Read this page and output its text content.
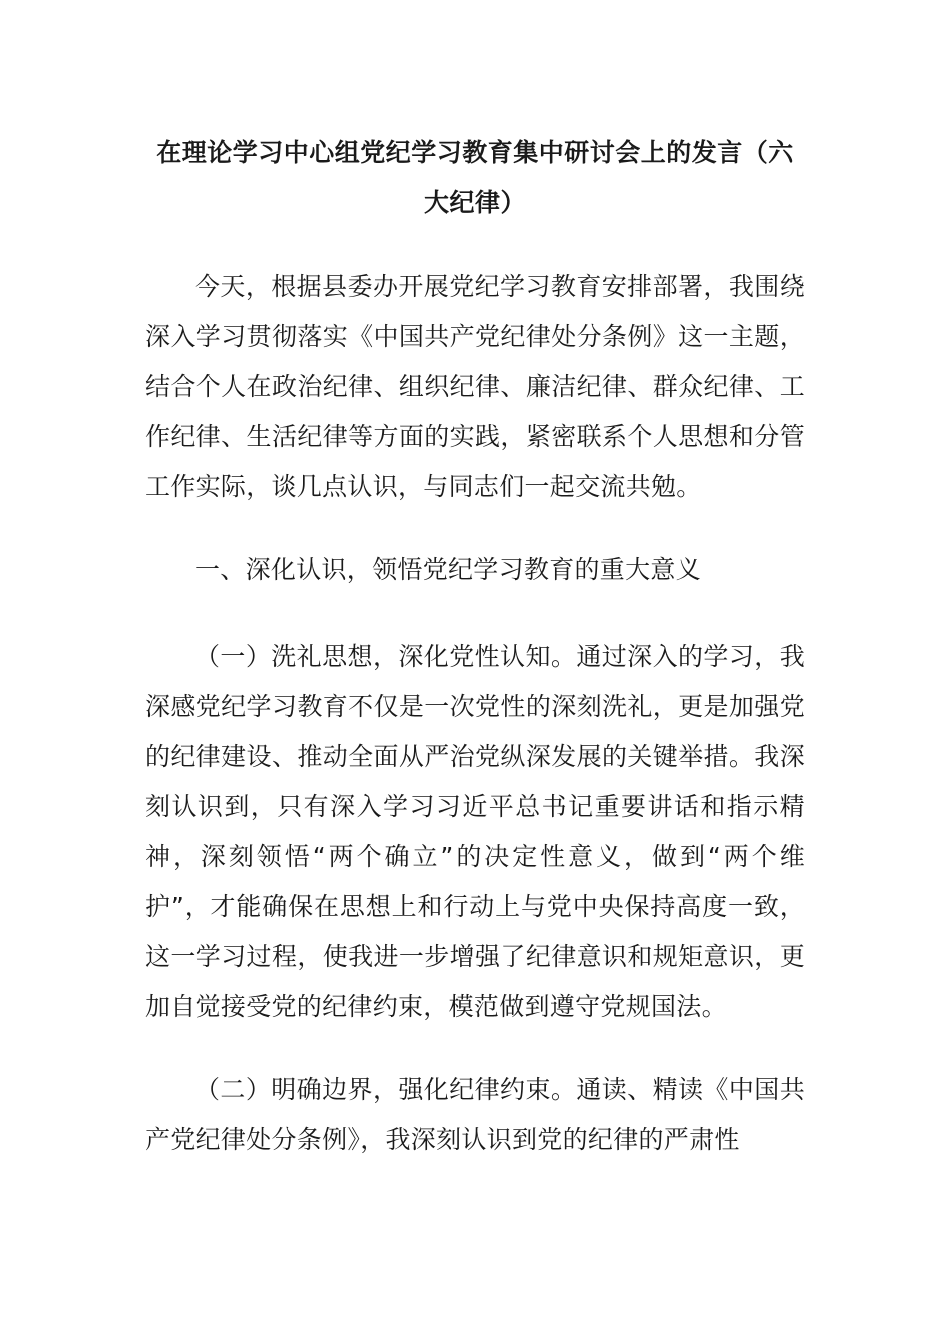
在理论学习中心组党纪学习教育集中研讨会上的发言（六大纪律）

今天，根据县委办开展党纪学习教育安排部署，我围绕深入学习贯彻落实《中国共产党纪律处分条例》这一主题，结合个人在政治纪律、组织纪律、廉洁纪律、群众纪律、工作纪律、生活纪律等方面的实践，紧密联系个人思想和分管工作实际，谈几点认识，与同志们一起交流共勉。

一、深化认识，领悟党纪学习教育的重大意义

（一）洗礼思想，深化党性认知。通过深入的学习，我深感党纪学习教育不仅是一次党性的深刻洗礼，更是加强党的纪律建设、推动全面从严治党纵深发展的关键举措。我深刻认识到，只有深入学习习近平总书记重要讲话和指示精神，深刻领悟“两个确立”的决定性意义，做到“两个维护”，才能确保在思想上和行动上与党中央保持高度一致，这一学习过程，使我进一步增强了纪律意识和规矩意识，更加自觉接受党的纪律约束，模范做到遵守党规国法。

（二）明确边界，强化纪律约束。通读、精读《中国共产党纪律处分条例》，我深刻认识到党的纪律的严肃性
